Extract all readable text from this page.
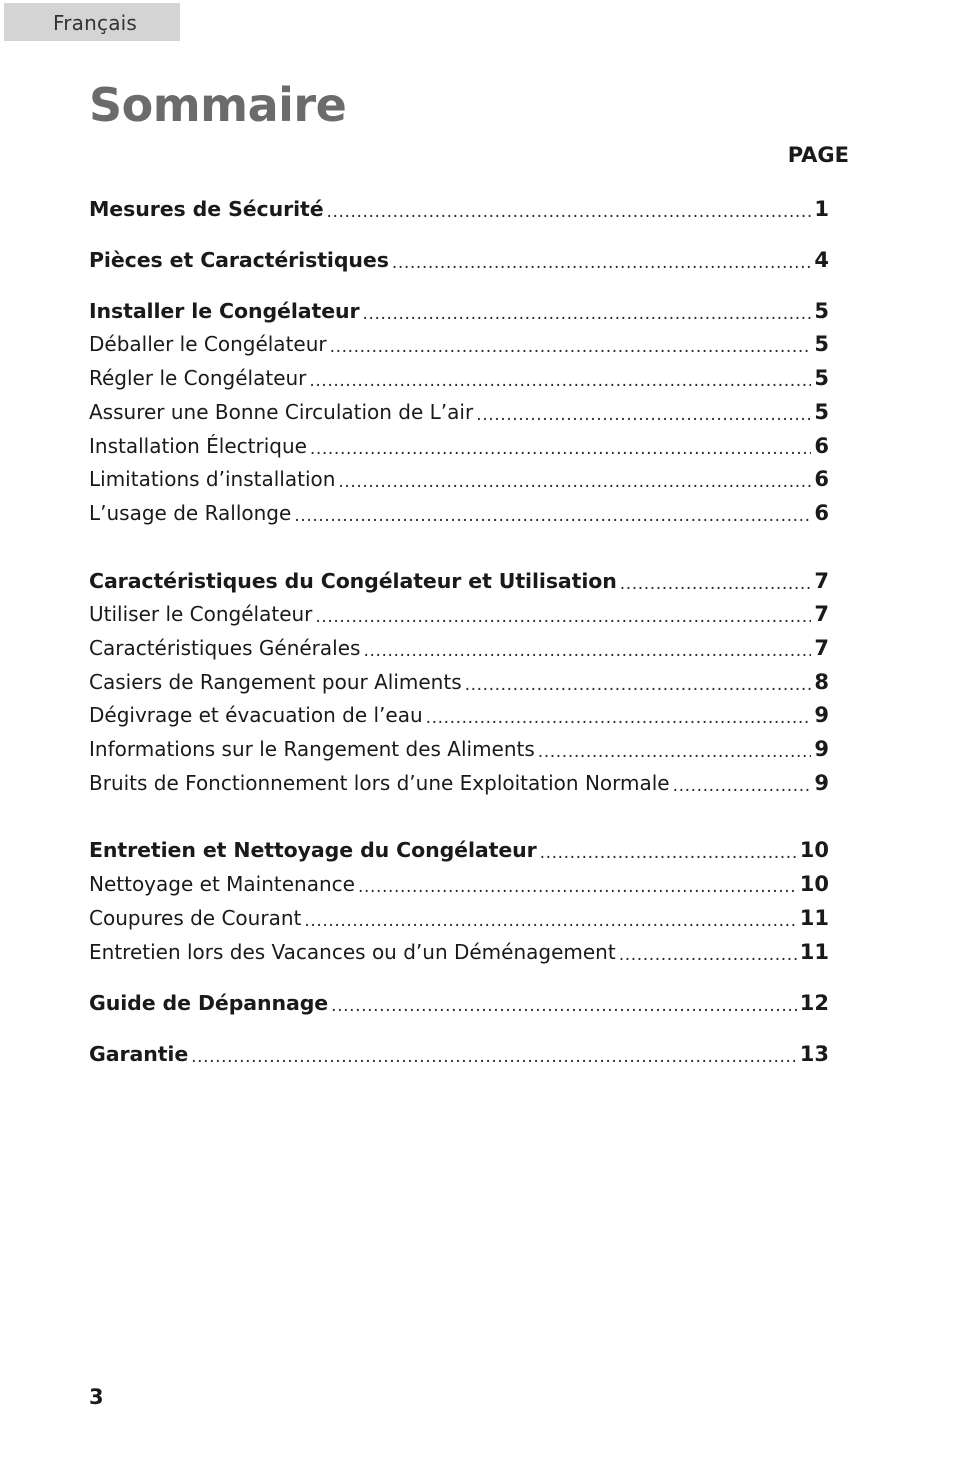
Français
Sommaire
PAGE
Mesures de Sécurité .....	1
Pièces et Caractéristiques .....	4
Installer le Congélateur .....	5
Déballer le Congélateur .....	5
Régler le Congélateur .....	5
Assurer une Bonne Circulation de L’air .....	5
Installation Électrique .....	6
Limitations d’installation .....	6
L’usage de Rallonge .....	6
Caractéristiques du Congélateur et Utilisation .....	7
Utiliser le Congélateur .....	7
Caractéristiques Générales .....	7
Casiers de Rangement pour Aliments .....	8
Dégivrage et évacuation de l’eau .....	9
Informations sur le Rangement des Aliments .....	9
Bruits de Fonctionnement lors d’une Exploitation Normale .....	9
Entretien et Nettoyage du Congélateur .....	10
Nettoyage et Maintenance .....	10
Coupures de Courant .....	11
Entretien lors des Vacances ou d’un Déménagement .....	11
Guide de Dépannage .....	12
Garantie .....	13
3
